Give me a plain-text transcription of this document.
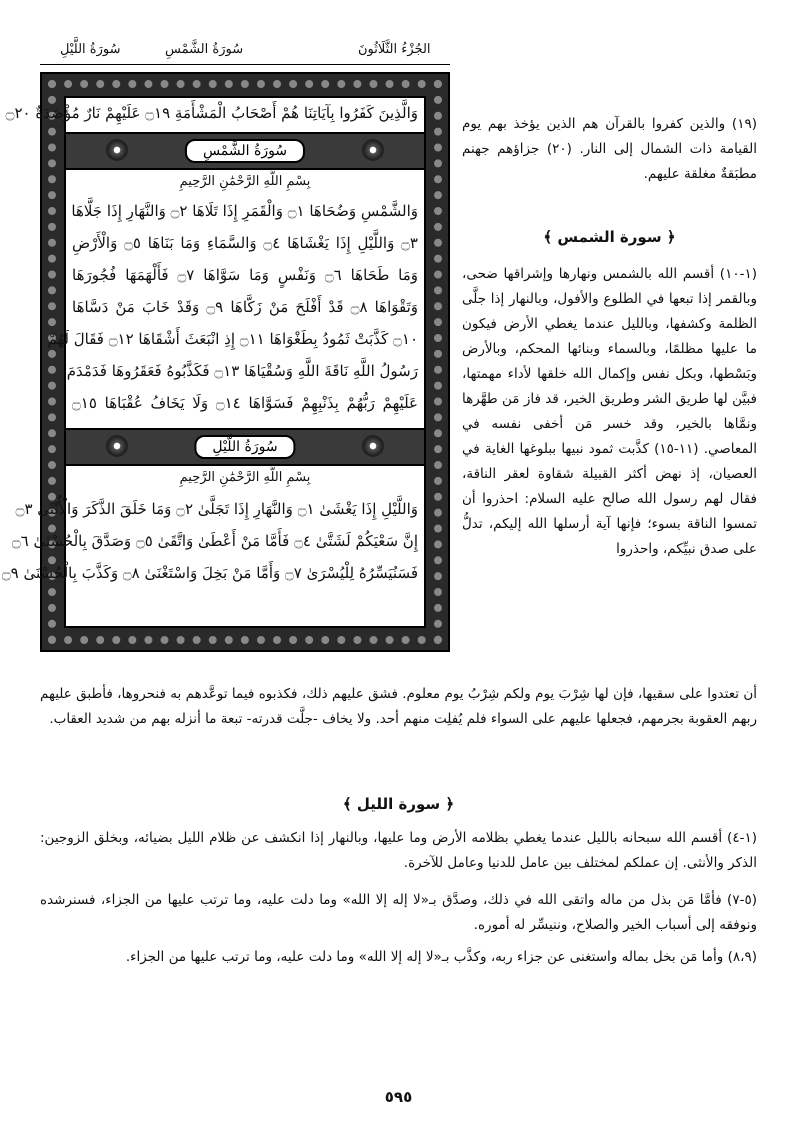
الجُزْءُ الثَّلَاثُونَ
سُورَةُ الشَّمْسِ
سُورَةُ اللَّيْلِ
وَالَّذِينَ كَفَرُوا بِآيَاتِنَا هُمْ أَصْحَابُ الْمَشْأَمَةِ ۝١٩ عَلَيْهِمْ نَارٌ مُؤْصَدَةٌ ۝٢٠
سُورَةُ الشَّمْسِ
بِسْمِ اللَّهِ الرَّحْمَٰنِ الرَّحِيمِ
وَالشَّمْسِ وَضُحَاهَا ۝١ وَالْقَمَرِ إِذَا تَلَاهَا ۝٢ وَالنَّهَارِ إِذَا جَلَّاهَا
۝٣ وَاللَّيْلِ إِذَا يَغْشَاهَا ۝٤ وَالسَّمَاءِ وَمَا بَنَاهَا ۝٥ وَالْأَرْضِ
وَمَا طَحَاهَا ۝٦ وَنَفْسٍ وَمَا سَوَّاهَا ۝٧ فَأَلْهَمَهَا فُجُورَهَا
وَتَقْوَاهَا ۝٨ قَدْ أَفْلَحَ مَنْ زَكَّاهَا ۝٩ وَقَدْ خَابَ مَنْ دَسَّاهَا
۝١٠ كَذَّبَتْ ثَمُودُ بِطَغْوَاهَا ۝١١ إِذِ انْبَعَثَ أَشْقَاهَا ۝١٢ فَقَالَ لَهُمْ
رَسُولُ اللَّهِ نَاقَةَ اللَّهِ وَسُقْيَاهَا ۝١٣ فَكَذَّبُوهُ فَعَقَرُوهَا فَدَمْدَمَ
عَلَيْهِمْ رَبُّهُمْ بِذَنْبِهِمْ فَسَوَّاهَا ۝١٤ وَلَا يَخَافُ عُقْبَاهَا ۝١٥
سُورَةُ اللَّيْلِ
بِسْمِ اللَّهِ الرَّحْمَٰنِ الرَّحِيمِ
وَاللَّيْلِ إِذَا يَغْشَىٰ ۝١ وَالنَّهَارِ إِذَا تَجَلَّىٰ ۝٢ وَمَا خَلَقَ الذَّكَرَ وَالْأُنْثَىٰ ۝٣
إِنَّ سَعْيَكُمْ لَشَتَّىٰ ۝٤ فَأَمَّا مَنْ أَعْطَىٰ وَاتَّقَىٰ ۝٥ وَصَدَّقَ بِالْحُسْنَىٰ ۝٦
فَسَنُيَسِّرُهُ لِلْيُسْرَىٰ ۝٧ وَأَمَّا مَنْ بَخِلَ وَاسْتَغْنَىٰ ۝٨ وَكَذَّبَ بِالْحُسْنَىٰ ۝٩
(١٩) والذين كفروا بالقرآن هم الذين يؤخذ بهم يوم القيامة ذات الشمال إلى النار. (٢٠) جزاؤهم جهنم مطبَقةٌ مغلقة عليهم.
﴿ سورة الشمس ﴾
(١-١٠) أقسم الله بالشمس ونهارها وإشراقها ضحى، وبالقمر إذا تبعها في الطلوع والأفول، وبالنهار إذا جلَّى الظلمة وكشفها، وبالليل عندما يغطي الأرض فيكون ما عليها مظلمًا، وبالسماء وبنائها المحكم، وبالأرض وبَسْطها، وبكل نفس وإكمال الله خلقها لأداء مهمتها، فبيَّن لها طريق الشر وطريق الخير، قد فاز مَن طهَّرها ونمَّاها بالخير، وقد خسر مَن أخفى نفسه في المعاصي. (١١-١٥) كذَّبت ثمود نبيها ببلوغها الغاية في العصيان، إذ نهض أكثر القبيلة شقاوة لعقر الناقة، فقال لهم رسول الله صالح عليه السلام: احذروا أن تمسوا الناقة بسوء؛ فإنها آية أرسلها الله إليكم، تدلُّ على صدق نبيِّكم، واحذروا
أن تعتدوا على سقيها، فإن لها شِرْبَ يوم ولكم شِرْبُ يوم معلوم. فشق عليهم ذلك، فكذبوه فيما توعَّدهم به فنحروها، فأطبق عليهم ربهم العقوبة بجرمهم، فجعلها عليهم على السواء فلم يُفلِت منهم أحد. ولا يخاف -جلَّت قدرته- تبعة ما أنزله بهم من شديد العقاب.
﴿ سورة الليل ﴾
(١-٤) أقسم الله سبحانه بالليل عندما يغطي بظلامه الأرض وما عليها، وبالنهار إذا انكشف عن ظلام الليل بضيائه، وبخلق الزوجين: الذكر والأنثى. إن عملكم لمختلف بين عامل للدنيا وعامل للآخرة.
(٥-٧) فأمَّا مَن بذل من ماله واتقى الله في ذلك، وصدَّق بـ«لا إله إلا الله» وما دلت عليه، وما ترتب عليها من الجزاء، فسنرشده ونوفقه إلى أسباب الخير والصلاح، وننيسِّر له أموره.
(٨،٩) وأما مَن بخل بماله واستغنى عن جزاء ربه، وكذَّب بـ«لا إله إلا الله» وما دلت عليه، وما ترتب عليها من الجزاء.
٥٩٥
